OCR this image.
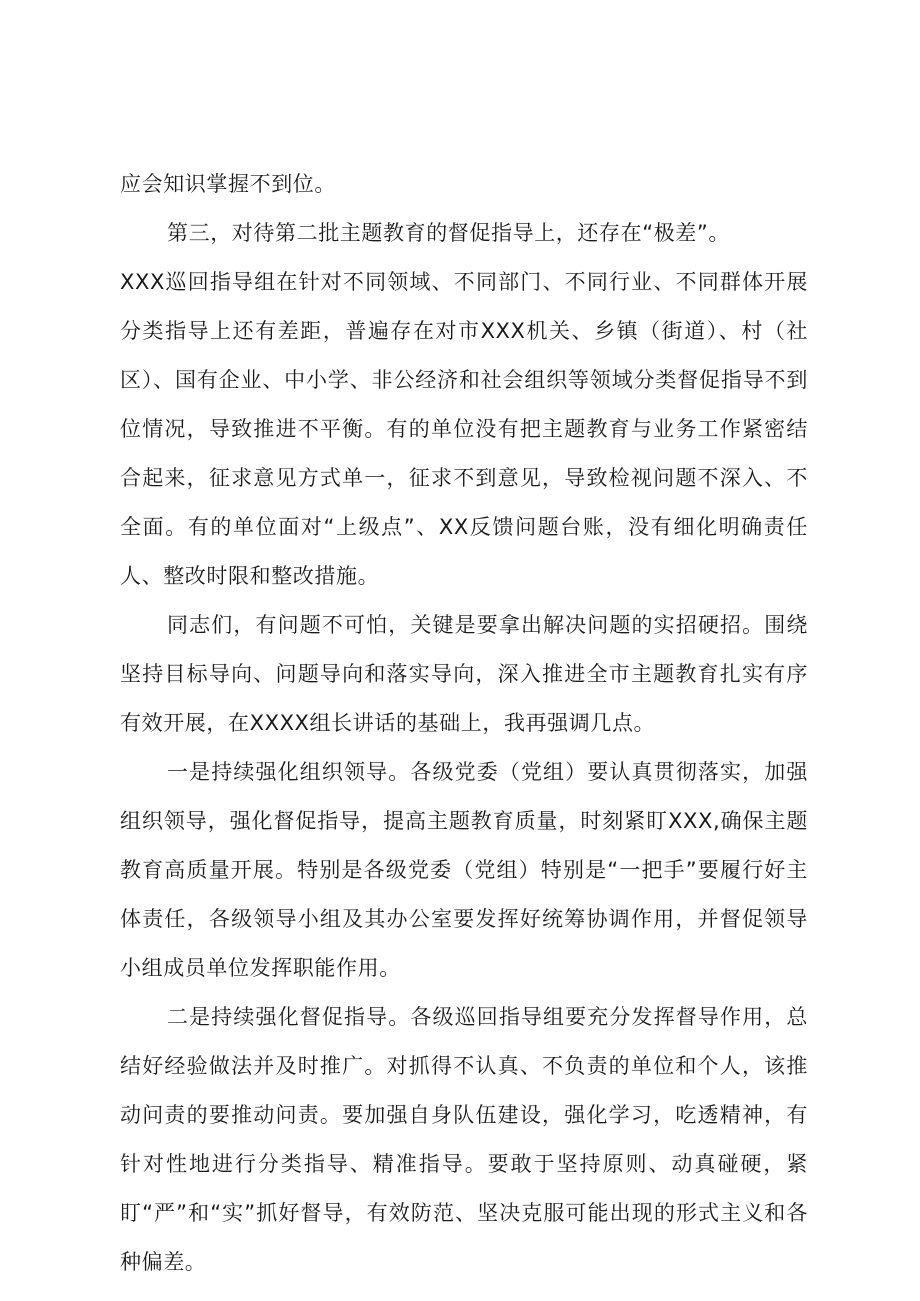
应会知识掌握不到位。

第三，对待第二批主题教育的督促指导上，还存在“极差”。

XXX巡回指导组在针对不同领域、不同部门、不同行业、不同群体开展分类指导上还有差距，普遍存在对市XXX机关、乡镇（街道）、村（社区）、国有企业、中小学、非公经济和社会组织等领域分类督促指导不到位情况，导致推进不平衡。有的单位没有把主题教育与业务工作紧密结合起来，征求意见方式单一，征求不到意见，导致检视问题不深入、不全面。有的单位面对“上级点”、XX反馈问题台账，没有细化明确责任人、整改时限和整改措施。

同志们，有问题不可怕，关键是要拿出解决问题的实招硬招。围绕坚持目标导向、问题导向和落实导向，深入推进全市主题教育扎实有序有效开展，在XXXX组长讲话的基础上，我再强调几点。

一是持续强化组织领导。各级党委（党组）要认真贯彻落实，加强组织领导，强化督促指导，提高主题教育质量，时刻紧盯XXX,确保主题教育高质量开展。特别是各级党委（党组）特别是“一把手”要履行好主体责任，各级领导小组及其办公室要发挥好统筹协调作用，并督促领导小组成员单位发挥职能作用。

二是持续强化督促指导。各级巡回指导组要充分发挥督导作用，总结好经验做法并及时推广。对抓得不认真、不负责的单位和个人，该推动问责的要推动问责。要加强自身队伍建设，强化学习，吃透精神，有针对性地进行分类指导、精准指导。要敢于坚持原则、动真碰硬，紧盯“严”和“实”抓好督导，有效防范、坚决克服可能出现的形式主义和各种偏差。
